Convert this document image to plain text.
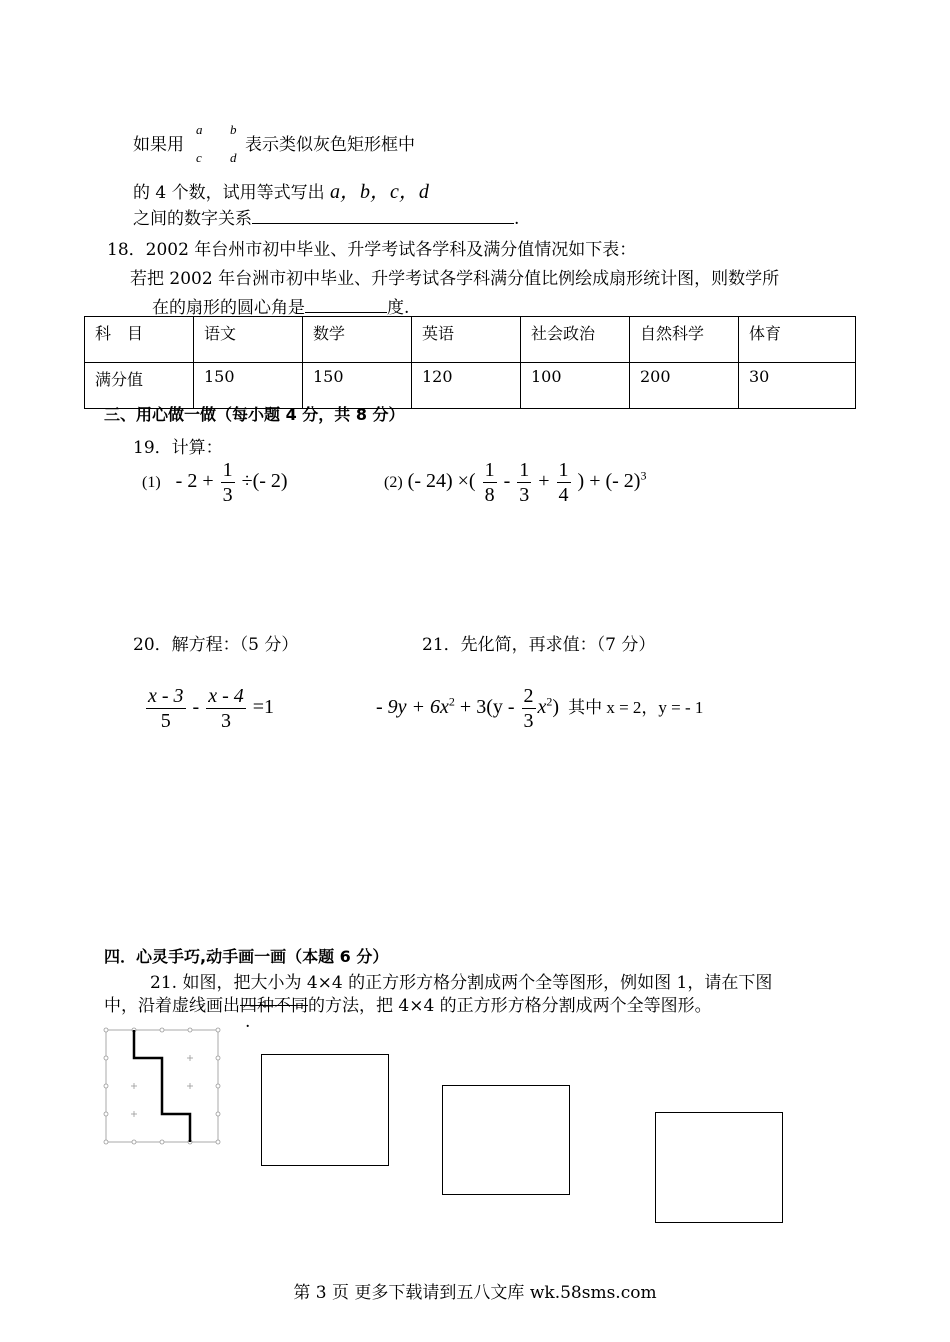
如果用
a b
c d
表示类似灰色矩形框中
的 4 个数，试用等式写出 a，b，c，d
之间的数字关系	.
18．2002 年台州市初中毕业、升学考试各学科及满分值情况如下表：
若把 2002 年台洲市初中毕业、升学考试各学科满分值比例绘成扇形统计图，则数学所
在的扇形的圆心角是	度.
科　目	语文	数学	英语	社会政治	自然科学	体育
满分值	150	150	120	100	200	30
三、用心做一做（每小题 4 分，共 8 分）
19．计算：
$(1) - 2 + \frac{1}{3}$ ÷(- 2)	(2) (- 24) ×( $\frac{1}{8} - \frac{1}{3} + \frac{1}{4}$ ) + (- 2)$^3$
20．解方程：（5 分）	21．先化简，再求值：（7 分）
$\frac{x - 3}{5} - \frac{x - 4}{3} =1$	- $9y + 6x^2 + 3(y - \frac{2}{3} x^2)$ 其中 x = 2，y = - 1
四．心灵手巧,动手画一画（本题 6 分）
21. 如图，把大小为 4×4 的正方形方格分割成两个全等图形，例如图 1，请在下图
中，沿着虚线画出四种不同的方法，把 4×4 的正方形方格分割成两个全等图形。
.
第 3 页 更多下载请到五八文库 wk.58sms.com
